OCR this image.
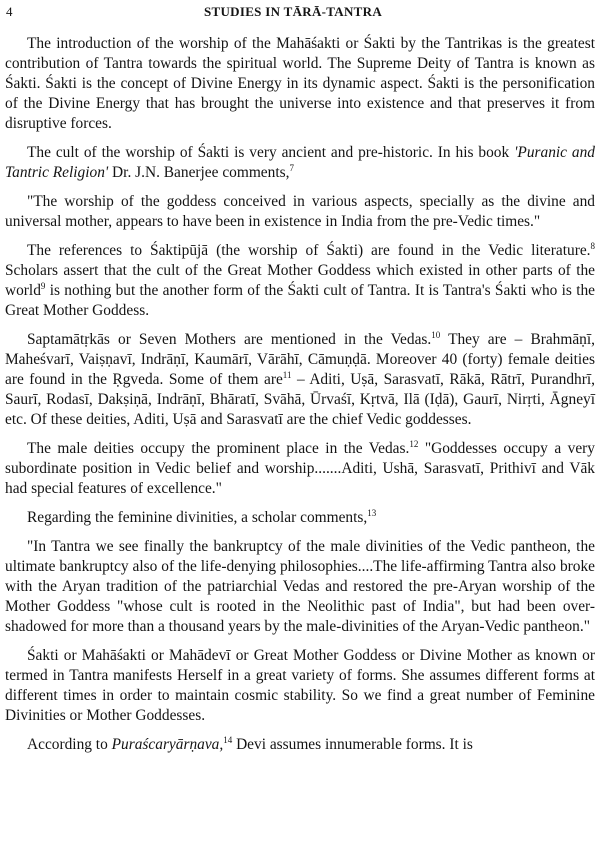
4	STUDIES IN TĀRĀ-TANTRA

The introduction of the worship of the Mahāśakti or Śakti by the Tantrikas is the greatest contribution of Tantra towards the spiritual world. The Supreme Deity of Tantra is known as Śakti. Śakti is the concept of Divine Energy in its dynamic aspect. Śakti is the personification of the Divine Energy that has brought the universe into existence and that preserves it from disruptive forces.

The cult of the worship of Śakti is very ancient and pre-historic. In his book 'Puranic and Tantric Religion' Dr. J.N. Banerjee comments,$^7$

"The worship of the goddess conceived in various aspects, specially as the divine and universal mother, appears to have been in existence in India from the pre-Vedic times."

The references to Śaktipūjā (the worship of Śakti) are found in the Vedic literature.$^8$ Scholars assert that the cult of the Great Mother Goddess which existed in other parts of the world$^9$ is nothing but the another form of the Śakti cult of Tantra. It is Tantra's Śakti who is the Great Mother Goddess.

Saptamātṛkās or Seven Mothers are mentioned in the Vedas.$^{10}$ They are – Brahmāṇī, Maheśvarī, Vaiṣṇavī, Indrāṇī, Kaumārī, Vārāhī, Cāmuṇḍā. Moreover 40 (forty) female deities are found in the Ṛgveda. Some of them are$^{11}$ – Aditi, Uṣā, Sarasvatī, Rākā, Rātrī, Purandhrī, Saurī, Rodasī, Dakṣiṇā, Indrāṇī, Bhāratī, Svāhā, Ūrvaśī, Kṛtvā, Ilā (Iḍā), Gaurī, Nirṛti, Āgneyī etc. Of these deities, Aditi, Uṣā and Sarasvatī are the chief Vedic goddesses.

The male deities occupy the prominent place in the Vedas.$^{12}$ "Goddesses occupy a very subordinate position in Vedic belief and worship.......Aditi, Ushā, Sarasvatī, Prithivī and Vāk had special features of excellence."

Regarding the feminine divinities, a scholar comments,$^{13}$

"In Tantra we see finally the bankruptcy of the male divinities of the Vedic pantheon, the ultimate bankruptcy also of the life-denying philosophies....The life-affirming Tantra also broke with the Aryan tradition of the patriarchial Vedas and restored the pre-Aryan worship of the Mother Goddess "whose cult is rooted in the Neolithic past of India", but had been over-shadowed for more than a thousand years by the male-divinities of the Aryan-Vedic pantheon."

Śakti or Mahāśakti or Mahādevī or Great Mother Goddess or Divine Mother as known or termed in Tantra manifests Herself in a great variety of forms. She assumes different forms at different times in order to maintain cosmic stability. So we find a great number of Feminine Divinities or Mother Goddesses.

According to Puraścaryārṇava,$^{14}$ Devi assumes innumerable forms. It is
